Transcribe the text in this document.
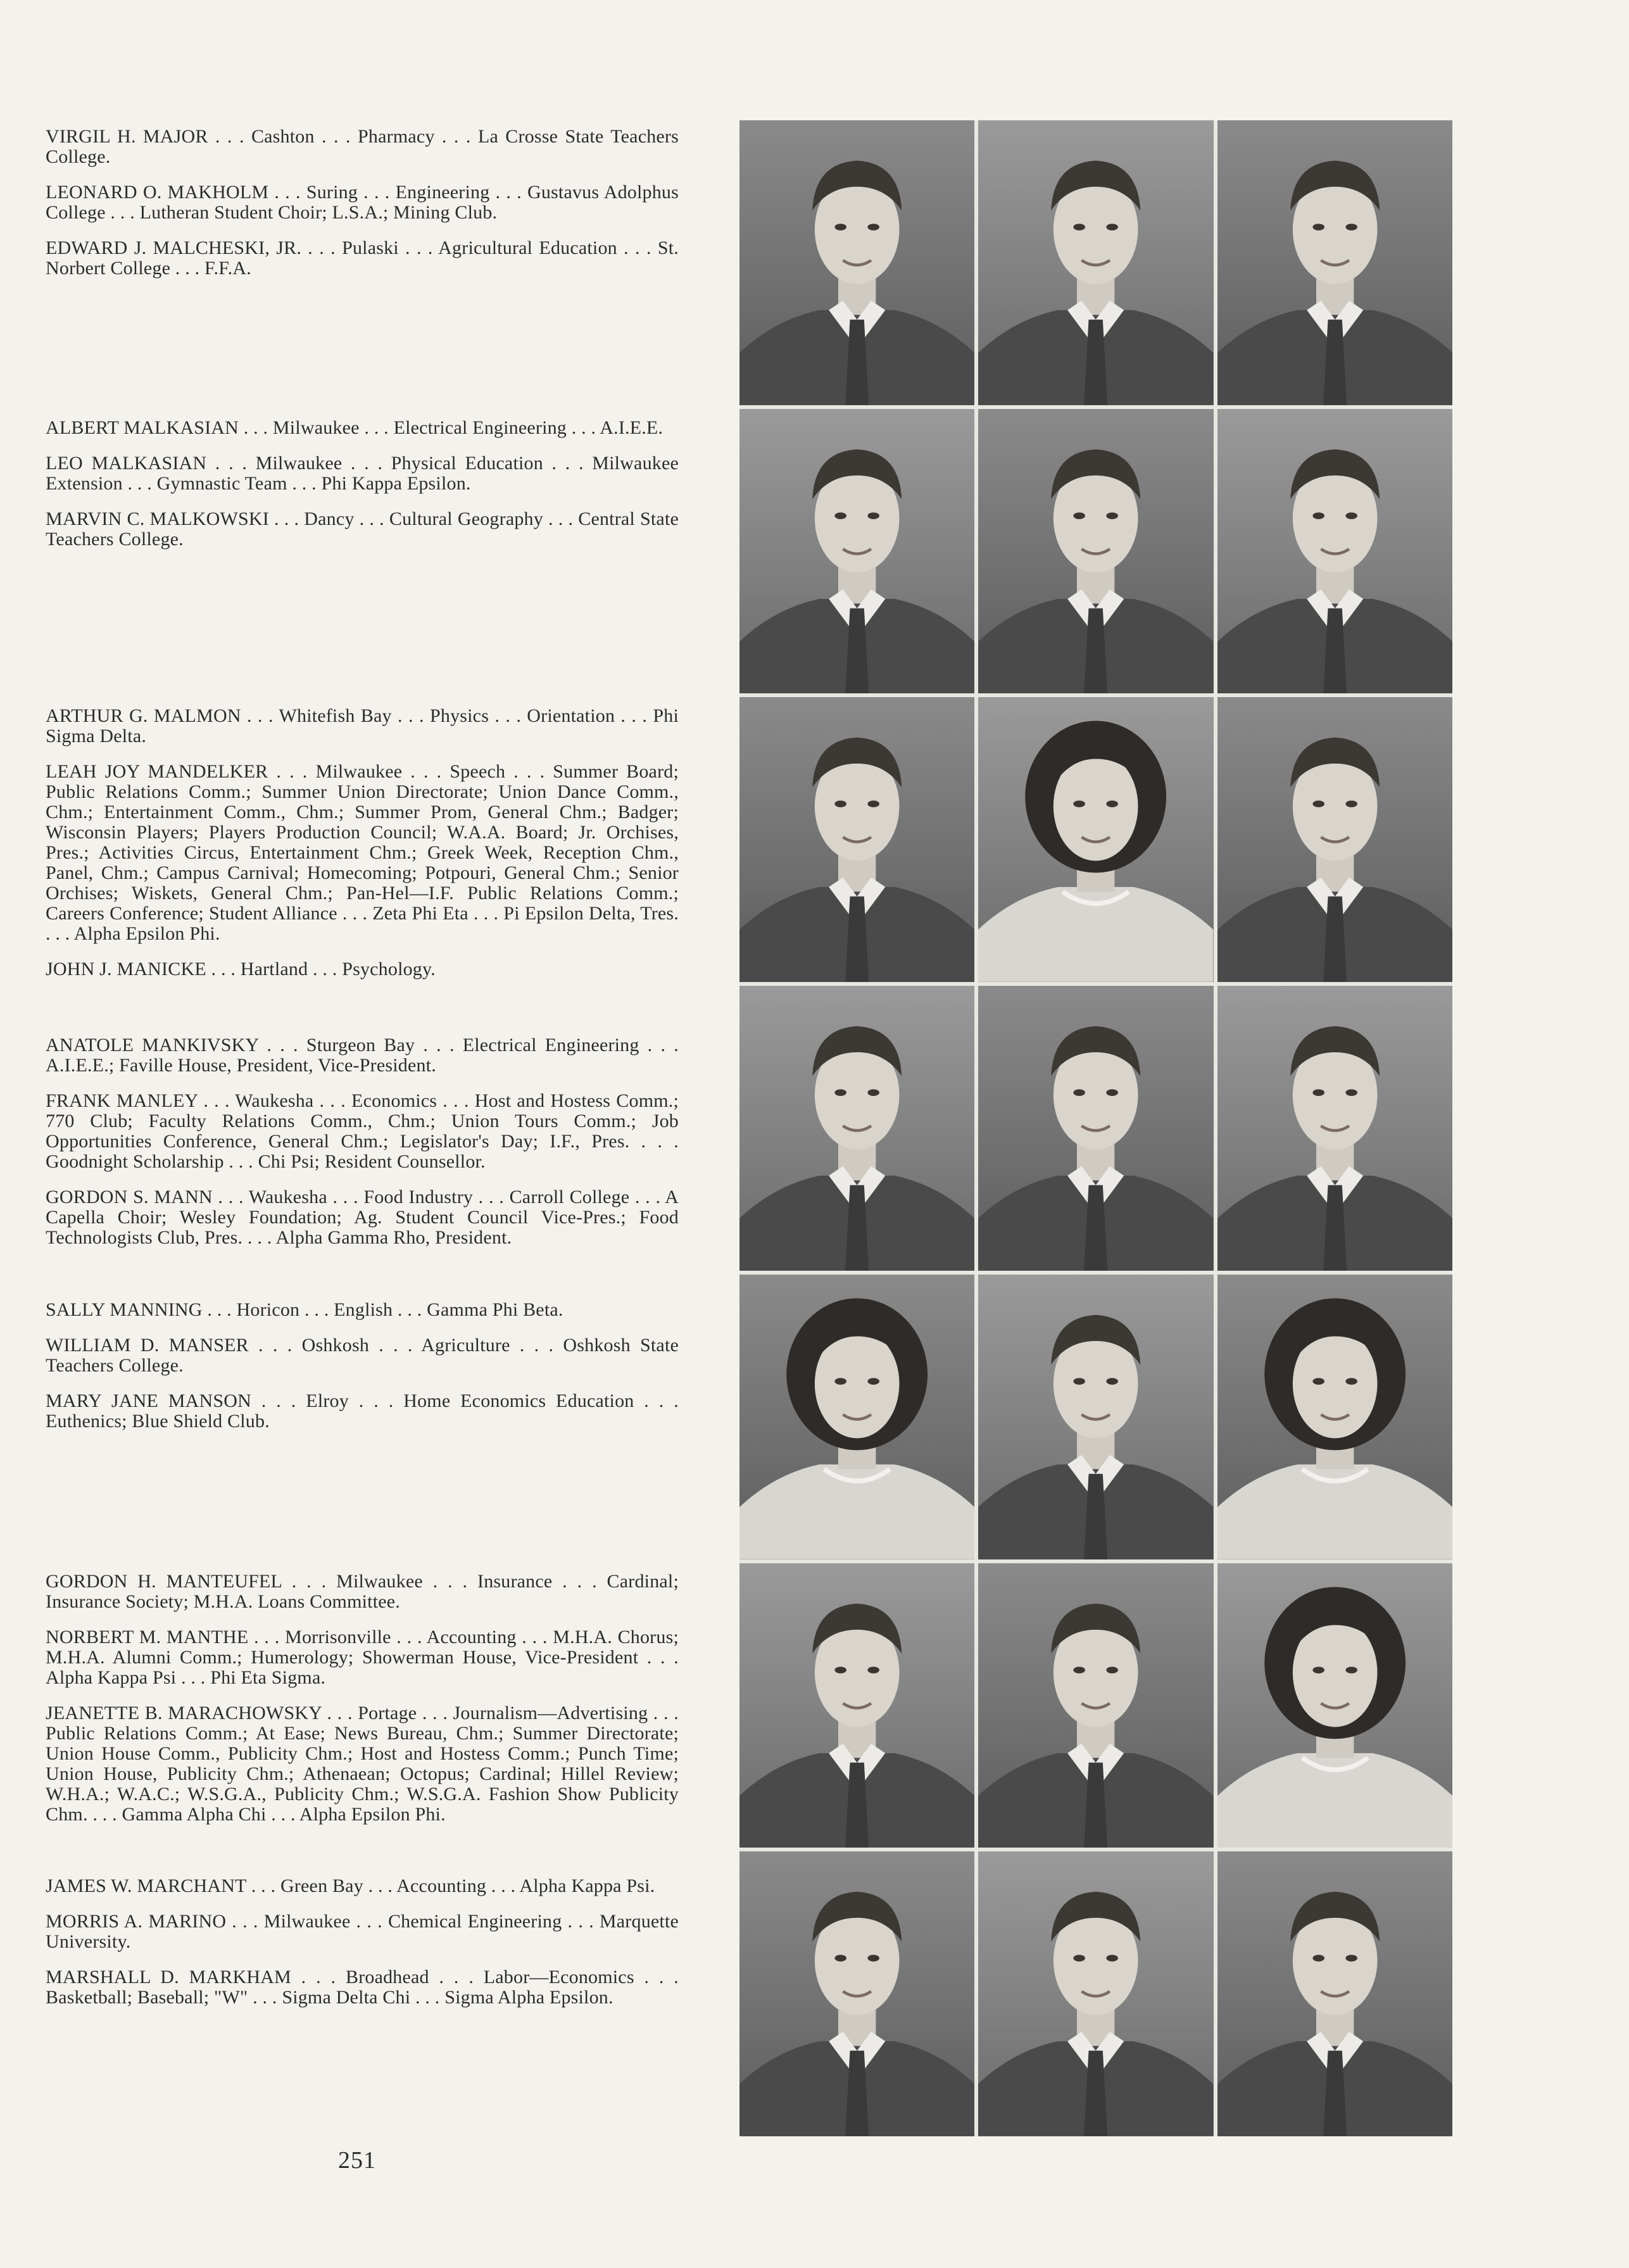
VIRGIL H. MAJOR . . . Cashton . . . Pharmacy . . . La Crosse State Teachers College.

LEONARD O. MAKHOLM . . . Suring . . . Engineering . . . Gustavus Adolphus College . . . Lutheran Student Choir; L.S.A.; Mining Club.

EDWARD J. MALCHESKI, JR. . . . Pulaski . . . Agricultural Education . . . St. Norbert College . . . F.F.A.

ALBERT MALKASIAN . . . Milwaukee . . . Electrical Engineering . . . A.I.E.E.

LEO MALKASIAN . . . Milwaukee . . . Physical Education . . . Milwaukee Extension . . . Gymnastic Team . . . Phi Kappa Epsilon.

MARVIN C. MALKOWSKI . . . Dancy . . . Cultural Geography . . . Central State Teachers College.

ARTHUR G. MALMON . . . Whitefish Bay . . . Physics . . . Orientation . . . Phi Sigma Delta.

LEAH JOY MANDELKER . . . Milwaukee . . . Speech . . . Summer Board; Public Relations Comm.; Summer Union Directorate; Union Dance Comm., Chm.; Entertainment Comm., Chm.; Summer Prom, General Chm.; Badger; Wisconsin Players; Players Production Council; W.A.A. Board; Jr. Orchises, Pres.; Activities Circus, Entertainment Chm.; Greek Week, Reception Chm., Panel, Chm.; Campus Carnival; Homecoming; Potpouri, General Chm.; Senior Orchises; Wiskets, General Chm.; Pan-Hel—I.F. Public Relations Comm.; Careers Conference; Student Alliance . . . Zeta Phi Eta . . . Pi Epsilon Delta, Tres. . . . Alpha Epsilon Phi.

JOHN J. MANICKE . . . Hartland . . . Psychology.

ANATOLE MANKIVSKY . . . Sturgeon Bay . . . Electrical Engineering . . . A.I.E.E.; Faville House, President, Vice-President.

FRANK MANLEY . . . Waukesha . . . Economics . . . Host and Hostess Comm.; 770 Club; Faculty Relations Comm., Chm.; Union Tours Comm.; Job Opportunities Conference, General Chm.; Legislator's Day; I.F., Pres. . . . Goodnight Scholarship . . . Chi Psi; Resident Counsellor.

GORDON S. MANN . . . Waukesha . . . Food Industry . . . Carroll College . . . A Capella Choir; Wesley Foundation; Ag. Student Council Vice-Pres.; Food Technologists Club, Pres. . . . Alpha Gamma Rho, President.

SALLY MANNING . . . Horicon . . . English . . . Gamma Phi Beta.

WILLIAM D. MANSER . . . Oshkosh . . . Agriculture . . . Oshkosh State Teachers College.

MARY JANE MANSON . . . Elroy . . . Home Economics Education . . . Euthenics; Blue Shield Club.

GORDON H. MANTEUFEL . . . Milwaukee . . . Insurance . . . Cardinal; Insurance Society; M.H.A. Loans Committee.

NORBERT M. MANTHE . . . Morrisonville . . . Accounting . . . M.H.A. Chorus; M.H.A. Alumni Comm.; Humerology; Showerman House, Vice-President . . . Alpha Kappa Psi . . . Phi Eta Sigma.

JEANETTE B. MARACHOWSKY . . . Portage . . . Journalism—Advertising . . . Public Relations Comm.; At Ease; News Bureau, Chm.; Summer Directorate; Union House Comm., Publicity Chm.; Host and Hostess Comm.; Punch Time; Union House, Publicity Chm.; Athenaean; Octopus; Cardinal; Hillel Review; W.H.A.; W.A.C.; W.S.G.A., Publicity Chm.; W.S.G.A. Fashion Show Publicity Chm. . . . Gamma Alpha Chi . . . Alpha Epsilon Phi.

JAMES W. MARCHANT . . . Green Bay . . . Accounting . . . Alpha Kappa Psi.

MORRIS A. MARINO . . . Milwaukee . . . Chemical Engineering . . . Marquette University.

MARSHALL D. MARKHAM . . . Broadhead . . . Labor—Economics . . . Basketball; Baseball; "W" . . . Sigma Delta Chi . . . Sigma Alpha Epsilon.

251
